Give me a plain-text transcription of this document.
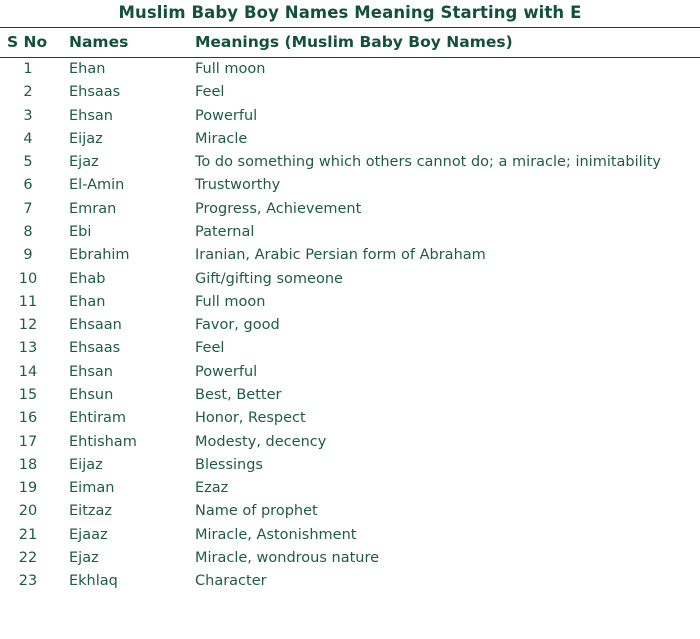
Muslim Baby Boy Names Meaning Starting with E
S No	Names	Meanings (Muslim Baby Boy Names)
1	Ehan	Full moon
2	Ehsaas	Feel
3	Ehsan	Powerful
4	Eijaz	Miracle
5	Ejaz	To do something which others cannot do; a miracle; inimitability
6	El-Amin	Trustworthy
7	Emran	Progress, Achievement
8	Ebi	Paternal
9	Ebrahim	Iranian, Arabic Persian form of Abraham
10	Ehab	Gift/gifting someone
11	Ehan	Full moon
12	Ehsaan	Favor, good
13	Ehsaas	Feel
14	Ehsan	Powerful
15	Ehsun	Best, Better
16	Ehtiram	Honor, Respect
17	Ehtisham	Modesty, decency
18	Eijaz	Blessings
19	Eiman	Ezaz
20	Eitzaz	Name of prophet
21	Ejaaz	Miracle, Astonishment
22	Ejaz	Miracle, wondrous nature
23	Ekhlaq	Character
